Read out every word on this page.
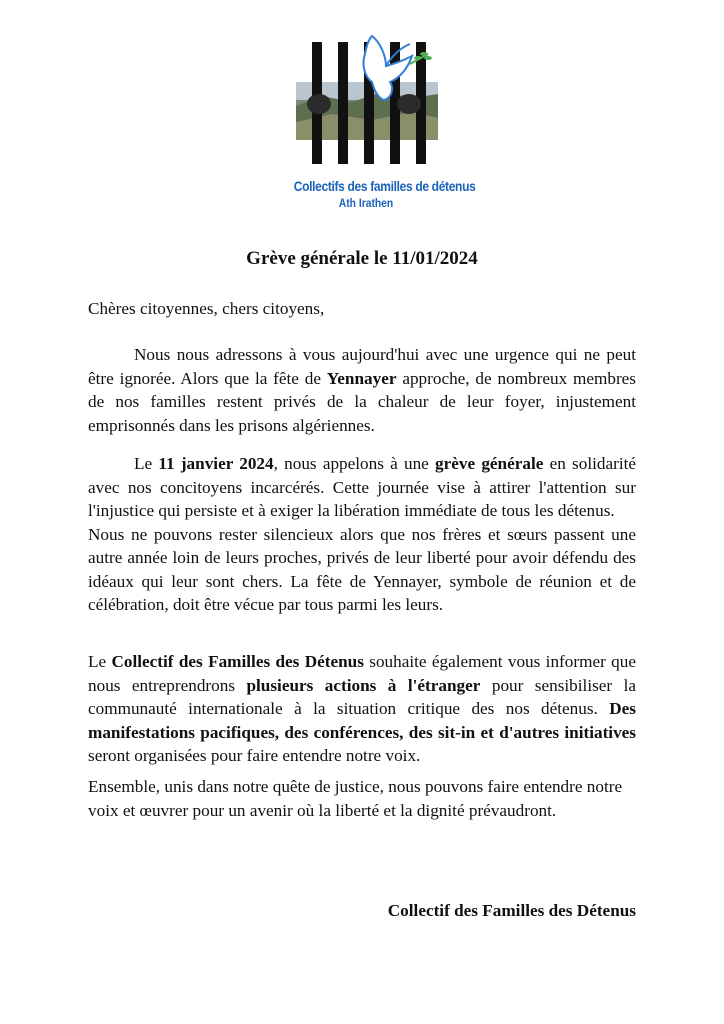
Collectifs des familles de détenus
Ath Irathen
Grève générale le 11/01/2024
Chères citoyennes, chers citoyens,

Nous nous adressons à vous aujourd'hui avec une urgence qui ne peut être ignorée. Alors que la fête de Yennayer approche, de nombreux membres de nos familles restent privés de la chaleur de leur foyer, injustement emprisonnés dans les prisons algériennes.

Le 11 janvier 2024, nous appelons à une grève générale en solidarité avec nos concitoyens incarcérés. Cette journée vise à attirer l'attention sur l'injustice qui persiste et à exiger la libération immédiate de tous les détenus.

Nous ne pouvons rester silencieux alors que nos frères et sœurs passent une autre année loin de leurs proches, privés de leur liberté pour avoir défendu des idéaux qui leur sont chers. La fête de Yennayer, symbole de réunion et de célébration, doit être vécue par tous parmi les leurs.

Le Collectif des Familles des Détenus souhaite également vous informer que nous entreprendrons plusieurs actions à l'étranger pour sensibiliser la communauté internationale à la situation critique des nos détenus. Des manifestations pacifiques, des conférences, des sit-in et d'autres initiatives seront organisées pour faire entendre notre voix.

Ensemble, unis dans notre quête de justice, nous pouvons faire entendre notre voix et œuvrer pour un avenir où la liberté et la dignité prévaudront.
Collectif des Familles des Détenus
